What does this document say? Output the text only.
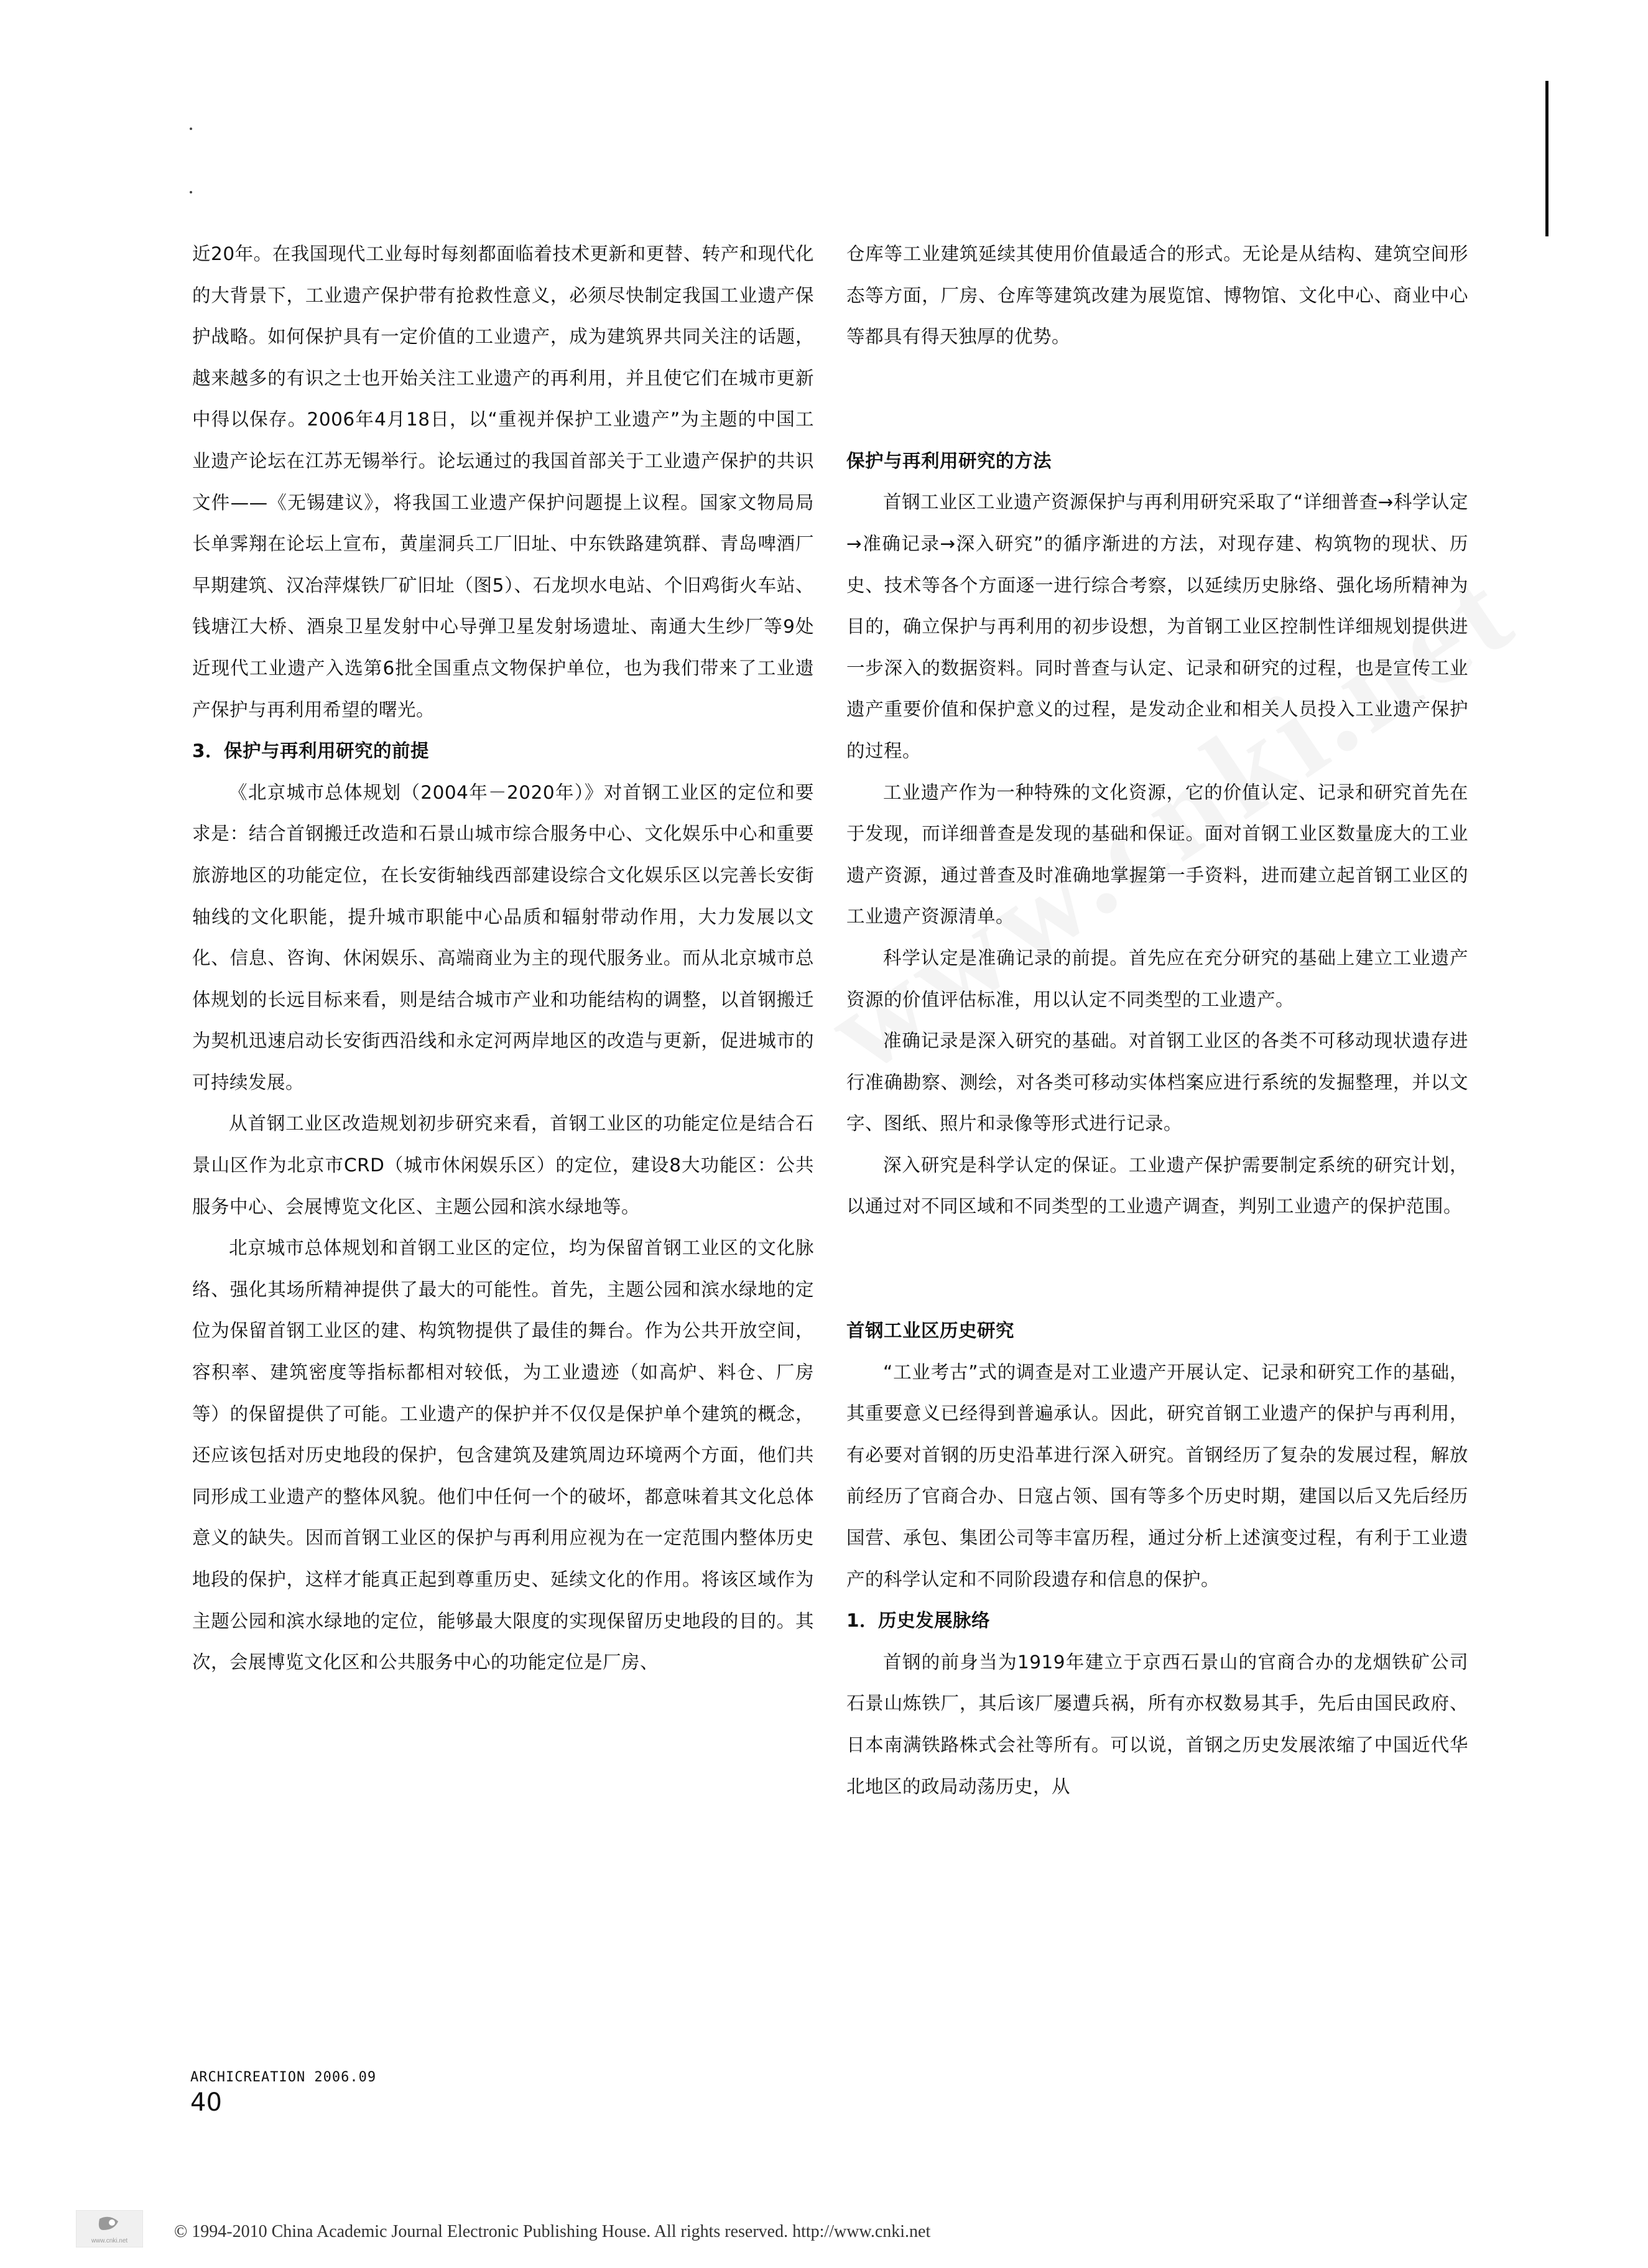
近20年。在我国现代工业每时每刻都面临着技术更新和更替、转产和现代化的大背景下，工业遗产保护带有抢救性意义，必须尽快制定我国工业遗产保护战略。如何保护具有一定价值的工业遗产，成为建筑界共同关注的话题，越来越多的有识之士也开始关注工业遗产的再利用，并且使它们在城市更新中得以保存。2006年4月18日，以“重视并保护工业遗产”为主题的中国工业遗产论坛在江苏无锡举行。论坛通过的我国首部关于工业遗产保护的共识文件——《无锡建议》，将我国工业遗产保护问题提上议程。国家文物局局长单霁翔在论坛上宣布，黄崖洞兵工厂旧址、中东铁路建筑群、青岛啤酒厂早期建筑、汉冶萍煤铁厂矿旧址（图5）、石龙坝水电站、个旧鸡街火车站、钱塘江大桥、酒泉卫星发射中心导弹卫星发射场遗址、南通大生纱厂等9处近现代工业遗产入选第6批全国重点文物保护单位，也为我们带来了工业遗产保护与再利用希望的曙光。

3．保护与再利用研究的前提

《北京城市总体规划（2004年－2020年）》对首钢工业区的定位和要求是：结合首钢搬迁改造和石景山城市综合服务中心、文化娱乐中心和重要旅游地区的功能定位，在长安街轴线西部建设综合文化娱乐区以完善长安街轴线的文化职能，提升城市职能中心品质和辐射带动作用，大力发展以文化、信息、咨询、休闲娱乐、高端商业为主的现代服务业。而从北京城市总体规划的长远目标来看，则是结合城市产业和功能结构的调整，以首钢搬迁为契机迅速启动长安街西沿线和永定河两岸地区的改造与更新，促进城市的可持续发展。

从首钢工业区改造规划初步研究来看，首钢工业区的功能定位是结合石景山区作为北京市CRD（城市休闲娱乐区）的定位，建设8大功能区：公共服务中心、会展博览文化区、主题公园和滨水绿地等。

北京城市总体规划和首钢工业区的定位，均为保留首钢工业区的文化脉络、强化其场所精神提供了最大的可能性。首先，主题公园和滨水绿地的定位为保留首钢工业区的建、构筑物提供了最佳的舞台。作为公共开放空间，容积率、建筑密度等指标都相对较低，为工业遗迹（如高炉、料仓、厂房等）的保留提供了可能。工业遗产的保护并不仅仅是保护单个建筑的概念，还应该包括对历史地段的保护，包含建筑及建筑周边环境两个方面，他们共同形成工业遗产的整体风貌。他们中任何一个的破坏，都意味着其文化总体意义的缺失。因而首钢工业区的保护与再利用应视为在一定范围内整体历史地段的保护，这样才能真正起到尊重历史、延续文化的作用。将该区域作为主题公园和滨水绿地的定位，能够最大限度的实现保留历史地段的目的。其次，会展博览文化区和公共服务中心的功能定位是厂房、

仓库等工业建筑延续其使用价值最适合的形式。无论是从结构、建筑空间形态等方面，厂房、仓库等建筑改建为展览馆、博物馆、文化中心、商业中心等都具有得天独厚的优势。

保护与再利用研究的方法

首钢工业区工业遗产资源保护与再利用研究采取了“详细普查→科学认定→准确记录→深入研究”的循序渐进的方法，对现存建、构筑物的现状、历史、技术等各个方面逐一进行综合考察，以延续历史脉络、强化场所精神为目的，确立保护与再利用的初步设想，为首钢工业区控制性详细规划提供进一步深入的数据资料。同时普查与认定、记录和研究的过程，也是宣传工业遗产重要价值和保护意义的过程，是发动企业和相关人员投入工业遗产保护的过程。

工业遗产作为一种特殊的文化资源，它的价值认定、记录和研究首先在于发现，而详细普查是发现的基础和保证。面对首钢工业区数量庞大的工业遗产资源，通过普查及时准确地掌握第一手资料，进而建立起首钢工业区的工业遗产资源清单。

科学认定是准确记录的前提。首先应在充分研究的基础上建立工业遗产资源的价值评估标准，用以认定不同类型的工业遗产。

准确记录是深入研究的基础。对首钢工业区的各类不可移动现状遗存进行准确勘察、测绘，对各类可移动实体档案应进行系统的发掘整理，并以文字、图纸、照片和录像等形式进行记录。

深入研究是科学认定的保证。工业遗产保护需要制定系统的研究计划，以通过对不同区域和不同类型的工业遗产调查，判别工业遗产的保护范围。

首钢工业区历史研究

“工业考古”式的调查是对工业遗产开展认定、记录和研究工作的基础，其重要意义已经得到普遍承认。因此，研究首钢工业遗产的保护与再利用，有必要对首钢的历史沿革进行深入研究。首钢经历了复杂的发展过程，解放前经历了官商合办、日寇占领、国有等多个历史时期，建国以后又先后经历国营、承包、集团公司等丰富历程，通过分析上述演变过程，有利于工业遗产的科学认定和不同阶段遗存和信息的保护。

1．历史发展脉络

首钢的前身当为1919年建立于京西石景山的官商合办的龙烟铁矿公司石景山炼铁厂，其后该厂屡遭兵祸，所有亦权数易其手，先后由国民政府、日本南满铁路株式会社等所有。可以说，首钢之历史发展浓缩了中国近代华北地区的政局动荡历史，从

ARCHICREATION 2006.09
40
www.cnki.net	© 1994-2010 China Academic Journal Electronic Publishing House. All rights reserved. http://www.cnki.net
